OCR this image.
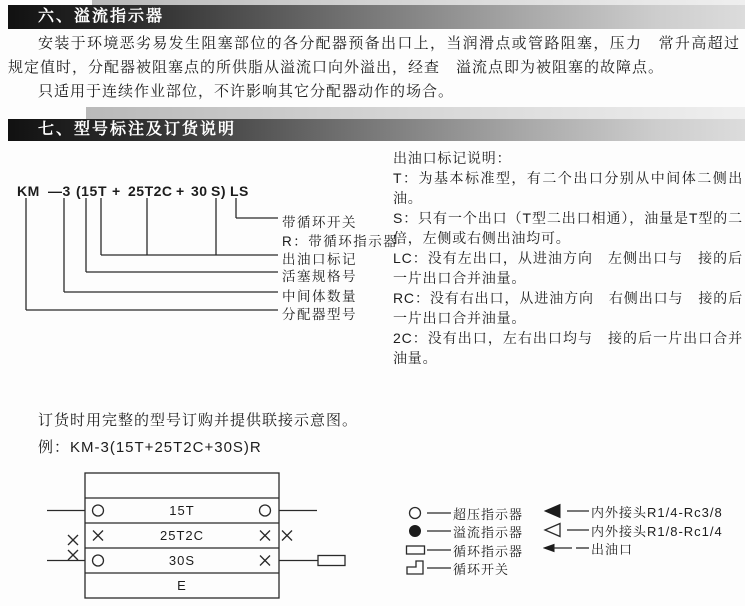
六、溢流指示器
安装于环境恶劣易发生阻塞部位的各分配器预备出口上，当润滑点或管路阻塞，压力　常升高超过规定值时，分配器被阻塞点的所供脂从溢流口向外溢出，经查　溢流点即为被阻塞的故障点。
只适用于连续作业部位，不许影响其它分配器动作的场合。
七、型号标注及订货说明
KM —3 (15 T + 25T2C + 30 S) LS
带循环开关
R：带循环指示器
出油口标记
活塞规格号
中间体数量
分配器型号
出油口标记说明：
T：为基本标准型，有二个出口分别从中间体二侧出油。
S：只有一个出口（T型二出口相通），油量是T型的二倍，左侧或右侧出油均可。
LC：没有左出口，从进油方向　左侧出口与　接的后一片出口合并油量。
RC：没有右出口，从进油方向　右侧出口与　接的后一片出口合并油量。
2C：没有出口，左右出口均与　接的后一片出口合并油量。
订货时用完整的型号订购并提供联接示意图。
例：KM-3(15T+25T2C+30S)R
15T
25T2C
30S
E
超压指示器
溢流指示器
循环指示器
循环开关
内外接头R1/4-Rc3/8
内外接头R1/8-Rc1/4
出油口
